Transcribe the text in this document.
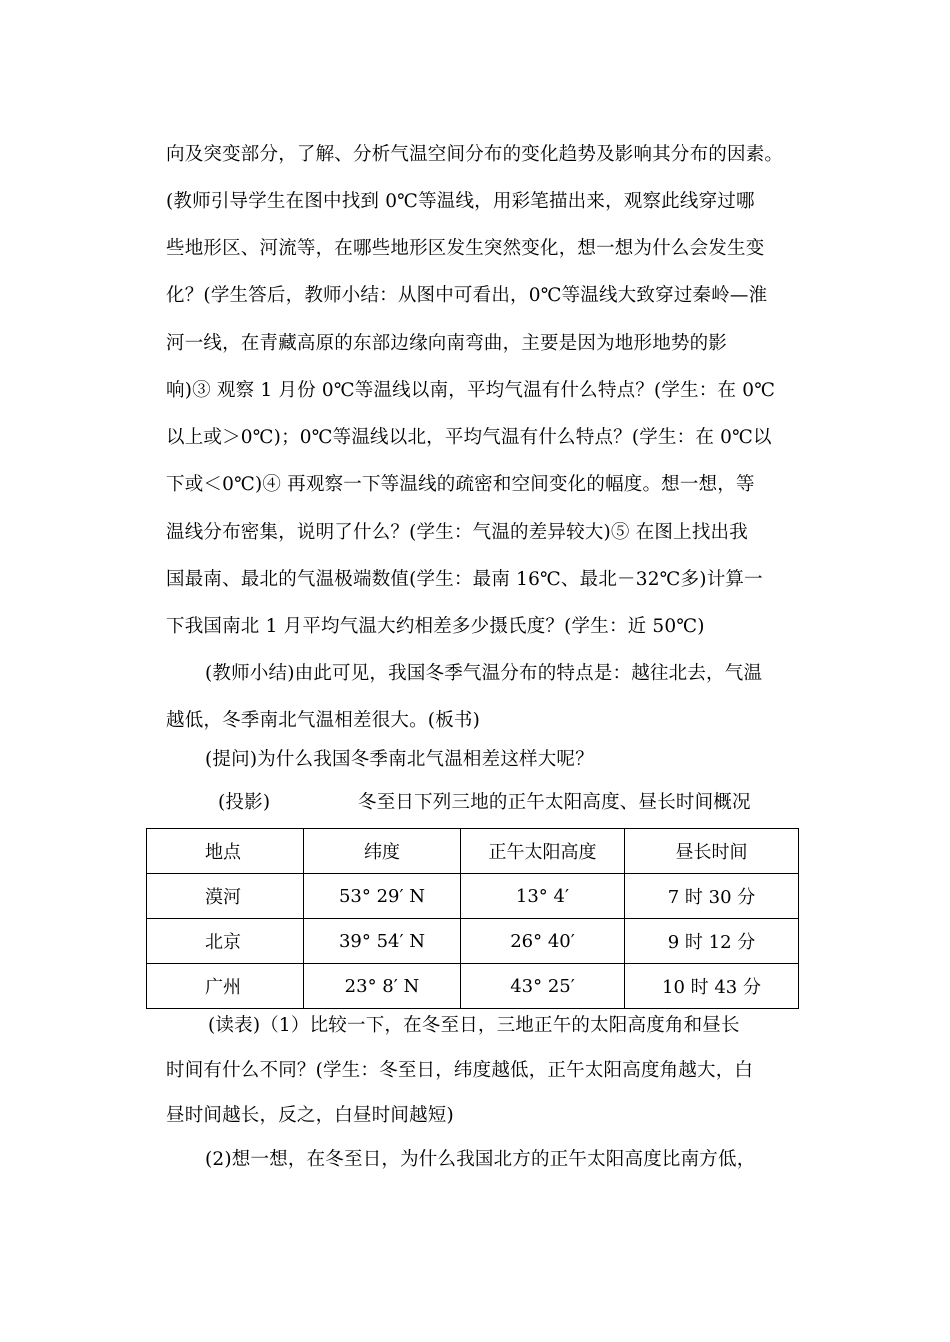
向及突变部分，了解、分析气温空间分布的变化趋势及影响其分布的因素。
(教师引导学生在图中找到 0℃等温线，用彩笔描出来，观察此线穿过哪
些地形区、河流等，在哪些地形区发生突然变化，想一想为什么会发生变
化？(学生答后，教师小结：从图中可看出，0℃等温线大致穿过秦岭—淮
河一线，在青藏高原的东部边缘向南弯曲，主要是因为地形地势的影
响)③ 观察 1 月份 0℃等温线以南，平均气温有什么特点？(学生：在 0℃
以上或＞0℃)；0℃等温线以北，平均气温有什么特点？(学生：在 0℃以
下或＜0℃)④ 再观察一下等温线的疏密和空间变化的幅度。想一想，等
温线分布密集，说明了什么？(学生：气温的差异较大)⑤ 在图上找出我
国最南、最北的气温极端数值(学生：最南 16℃、最北－32℃多)计算一
下我国南北 1 月平均气温大约相差多少摄氏度？(学生：近 50℃)
(教师小结)由此可见，我国冬季气温分布的特点是：越往北去，气温
越低，冬季南北气温相差很大。(板书)
(提问)为什么我国冬季南北气温相差这样大呢？
(投影)	冬至日下列三地的正午太阳高度、昼长时间概况
地点	纬度	正午太阳高度	昼长时间
漠河	53° 29′ N	13° 4′	7 时 30 分
北京	39° 54′ N	26° 40′	9 时 12 分
广州	23° 8′ N	43° 25′	10 时 43 分
(读表)（1）比较一下，在冬至日，三地正午的太阳高度角和昼长
时间有什么不同？(学生：冬至日，纬度越低，正午太阳高度角越大，白
昼时间越长，反之，白昼时间越短)
(2)想一想，在冬至日，为什么我国北方的正午太阳高度比南方低，
